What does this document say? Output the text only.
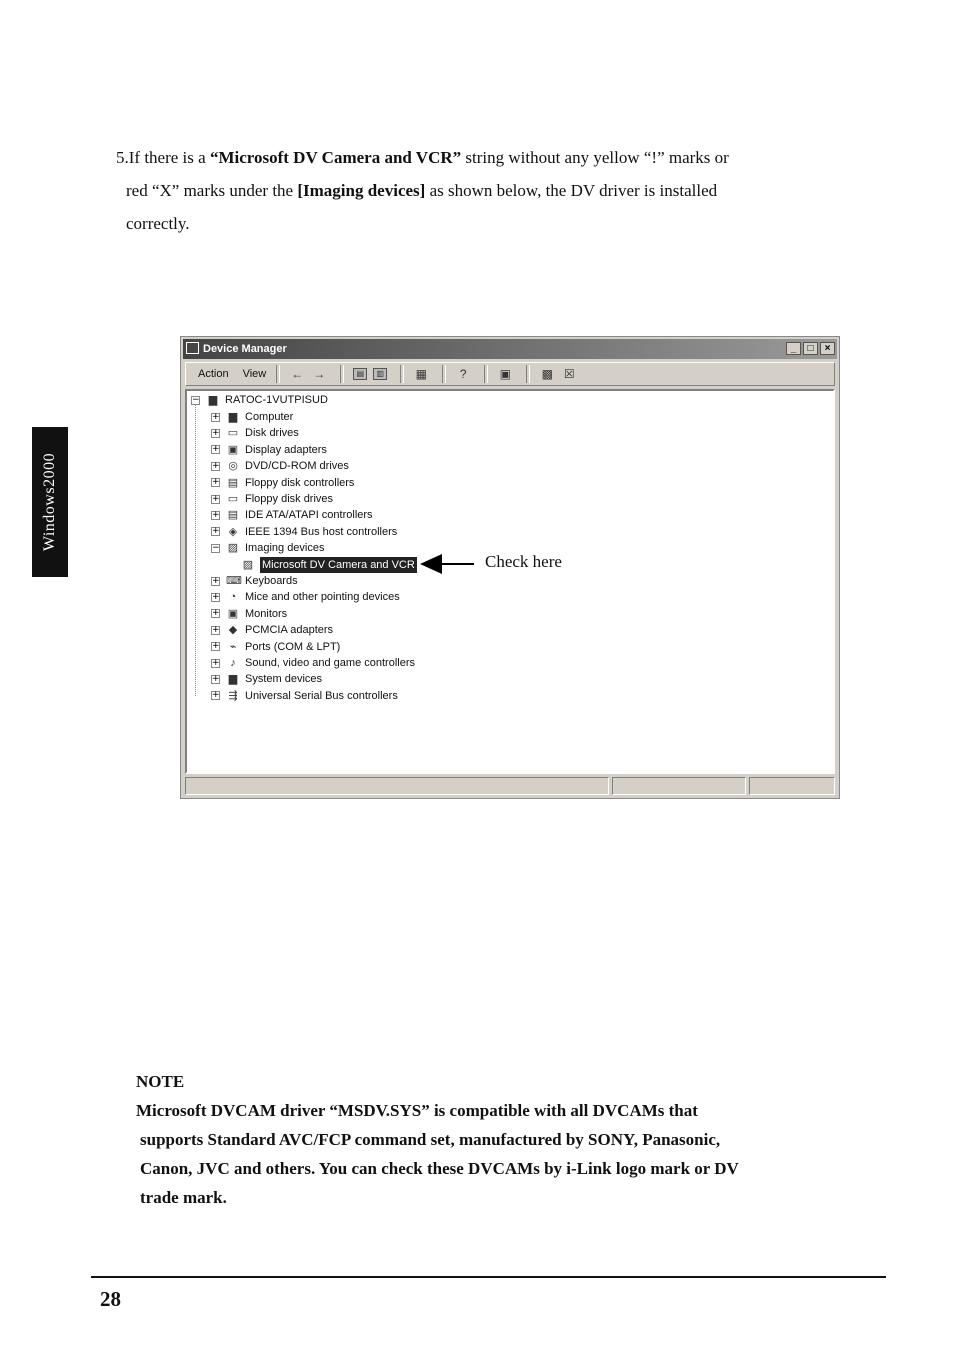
5.If there is a “Microsoft DV Camera and VCR” string without any yellow “!” marks or
red “X” marks under the [Imaging devices] as shown below, the DV driver is installed
correctly.
Windows2000
Device Manager	_	□	×
Action View ← →	▤	▥	▦	?	▣	▩ ☒
− ▆ RATOC-1VUTPISUD
+ ▆ Computer
+ ▭ Disk drives
+ ▣ Display adapters
+ ◎ DVD/CD-ROM drives
+ ▤ Floppy disk controllers
+ ▭ Floppy disk drives
+ ▤ IDE ATA/ATAPI controllers
+ ◈ IEEE 1394 Bus host controllers
− ▨ Imaging devices
▨ Microsoft DV Camera and VCR
+ ⌨ Keyboards
+ ◔ Mice and other pointing devices
+ ▣ Monitors
+ ◆ PCMCIA adapters
+ ⌁ Ports (COM & LPT)
+ ♪ Sound, video and game controllers
+ ▆ System devices
+ ⇶ Universal Serial Bus controllers
Check here
NOTE
Microsoft DVCAM driver “MSDV.SYS” is compatible with all DVCAMs that
supports Standard AVC/FCP command set, manufactured by SONY, Panasonic,
Canon, JVC and others. You can check these DVCAMs by i-Link logo mark or DV
trade mark.
28
